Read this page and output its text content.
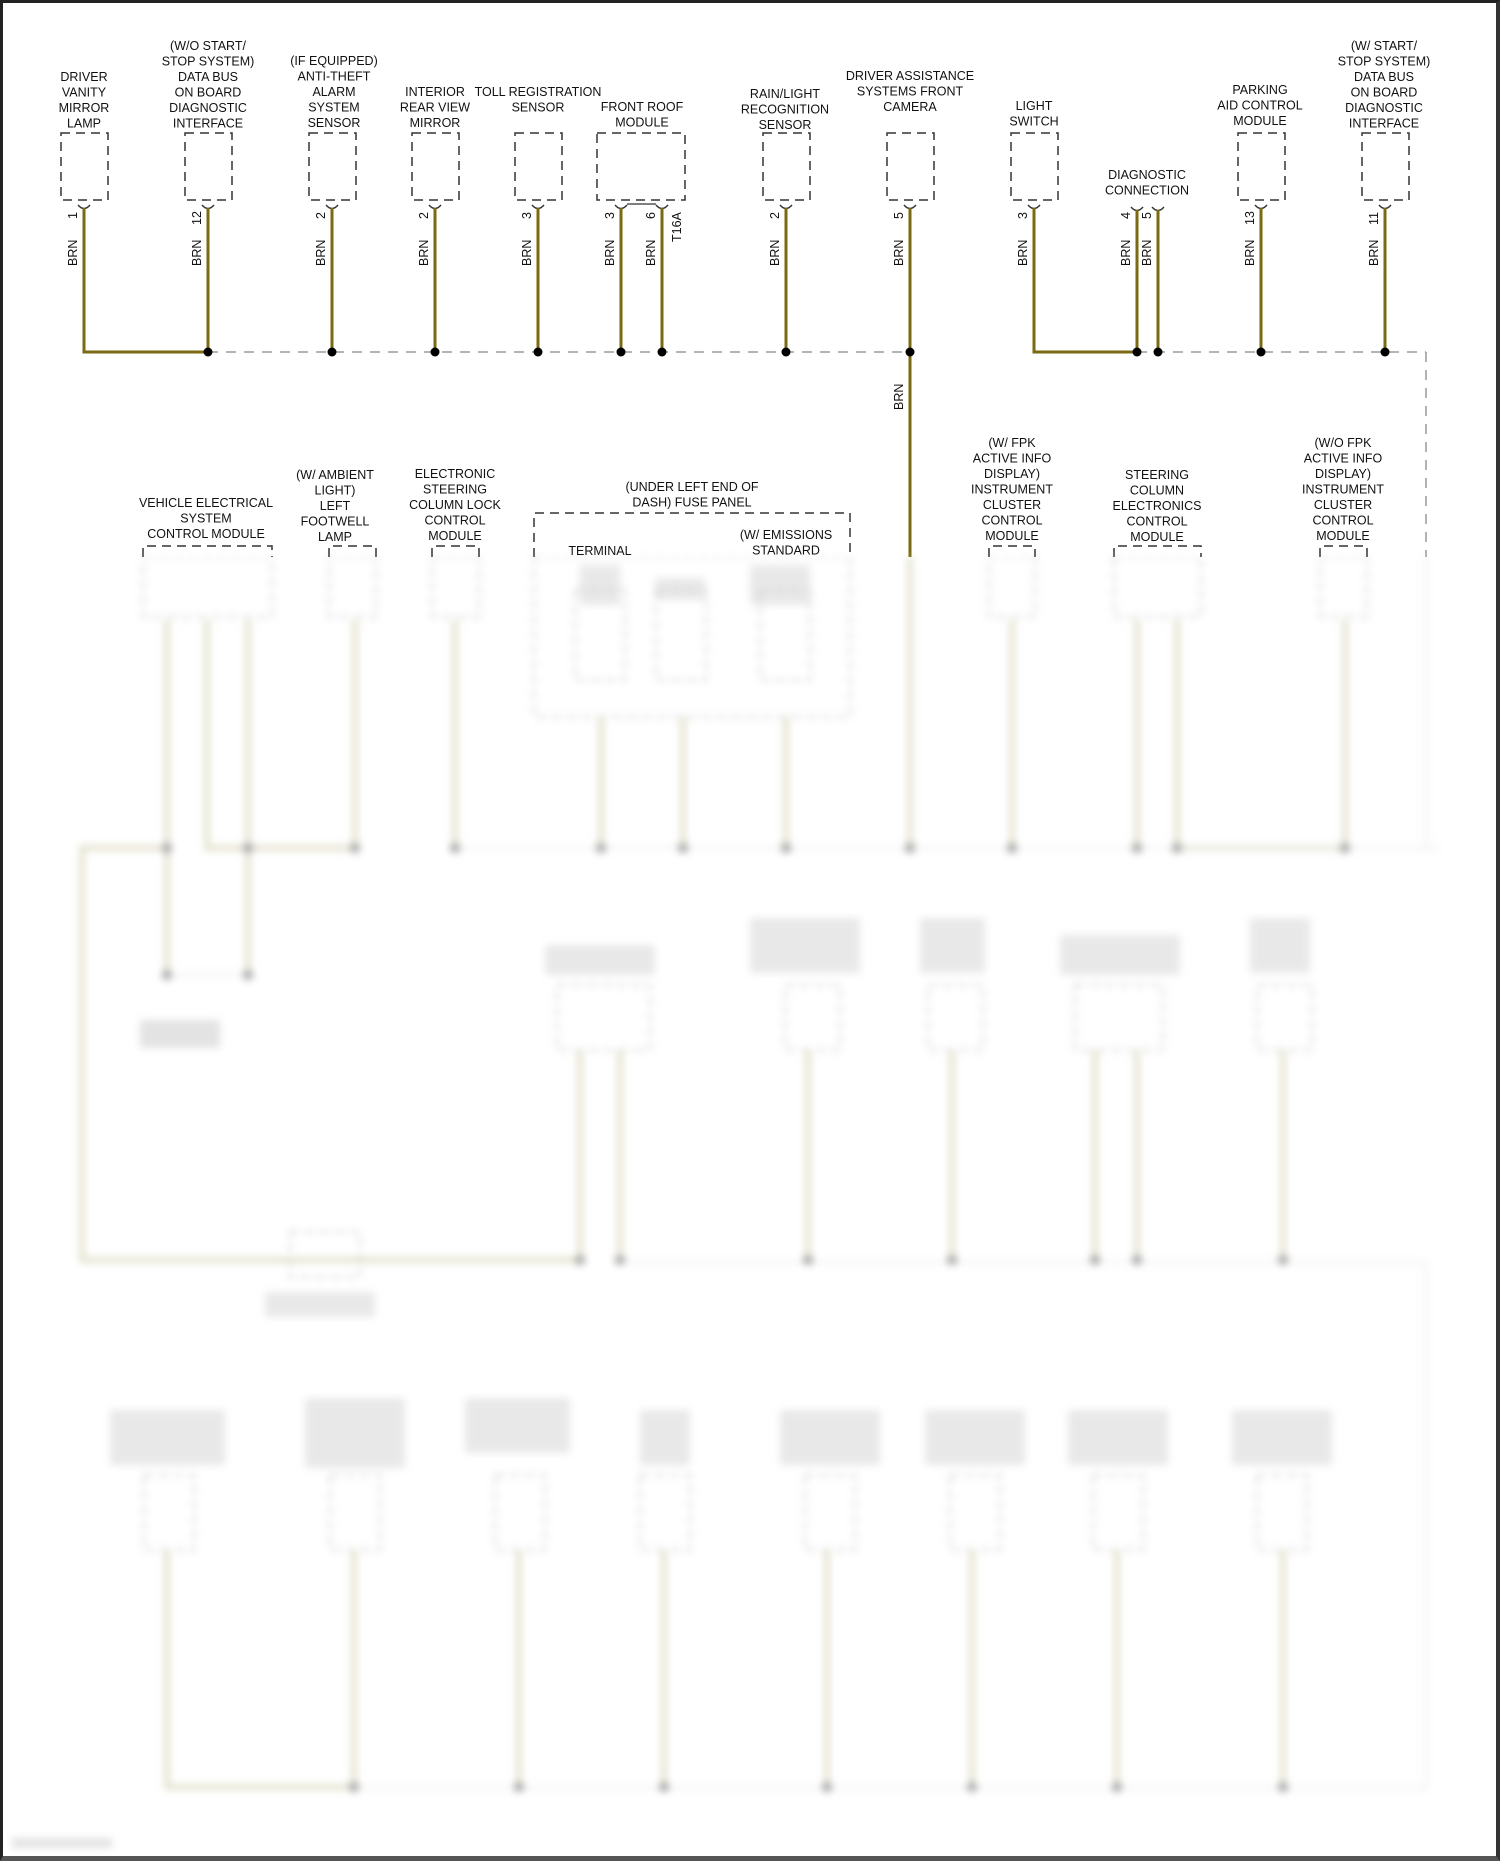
DRIVER VANITY MIRROR LAMP
1
BRN
(W/O START/ STOP SYSTEM) DATA BUS ON BOARD DIAGNOSTIC INTERFACE
12
BRN
(IF EQUIPPED) ANTI-THEFT ALARM SYSTEM SENSOR
2
BRN
INTERIOR REAR VIEW MIRROR
2
BRN
TOLL REGISTRATION SENSOR
3
BRN
FRONT ROOF MODULE
3
BRN
6
BRN
T16A
RAIN/LIGHT RECOGNITION SENSOR
2
BRN
DRIVER ASSISTANCE SYSTEMS FRONT CAMERA
5
BRN
LIGHT SWITCH
3
BRN
DIAGNOSTIC CONNECTION
4
BRN
5
BRN
PARKING AID CONTROL MODULE
13
BRN
(W/ START/ STOP SYSTEM) DATA BUS ON BOARD DIAGNOSTIC INTERFACE
11
BRN
BRN
VEHICLE ELECTRICAL SYSTEM CONTROL MODULE
(W/ AMBIENT LIGHT) LEFT FOOTWELL LAMP
ELECTRONIC STEERING COLUMN LOCK CONTROL MODULE
(UNDER LEFT END OF DASH) FUSE PANEL
TERMINAL
(W/ EMISSIONS STANDARD
(W/ FPK ACTIVE INFO DISPLAY) INSTRUMENT CLUSTER CONTROL MODULE
STEERING COLUMN ELECTRONICS CONTROL MODULE
(W/O FPK ACTIVE INFO DISPLAY) INSTRUMENT CLUSTER CONTROL MODULE
